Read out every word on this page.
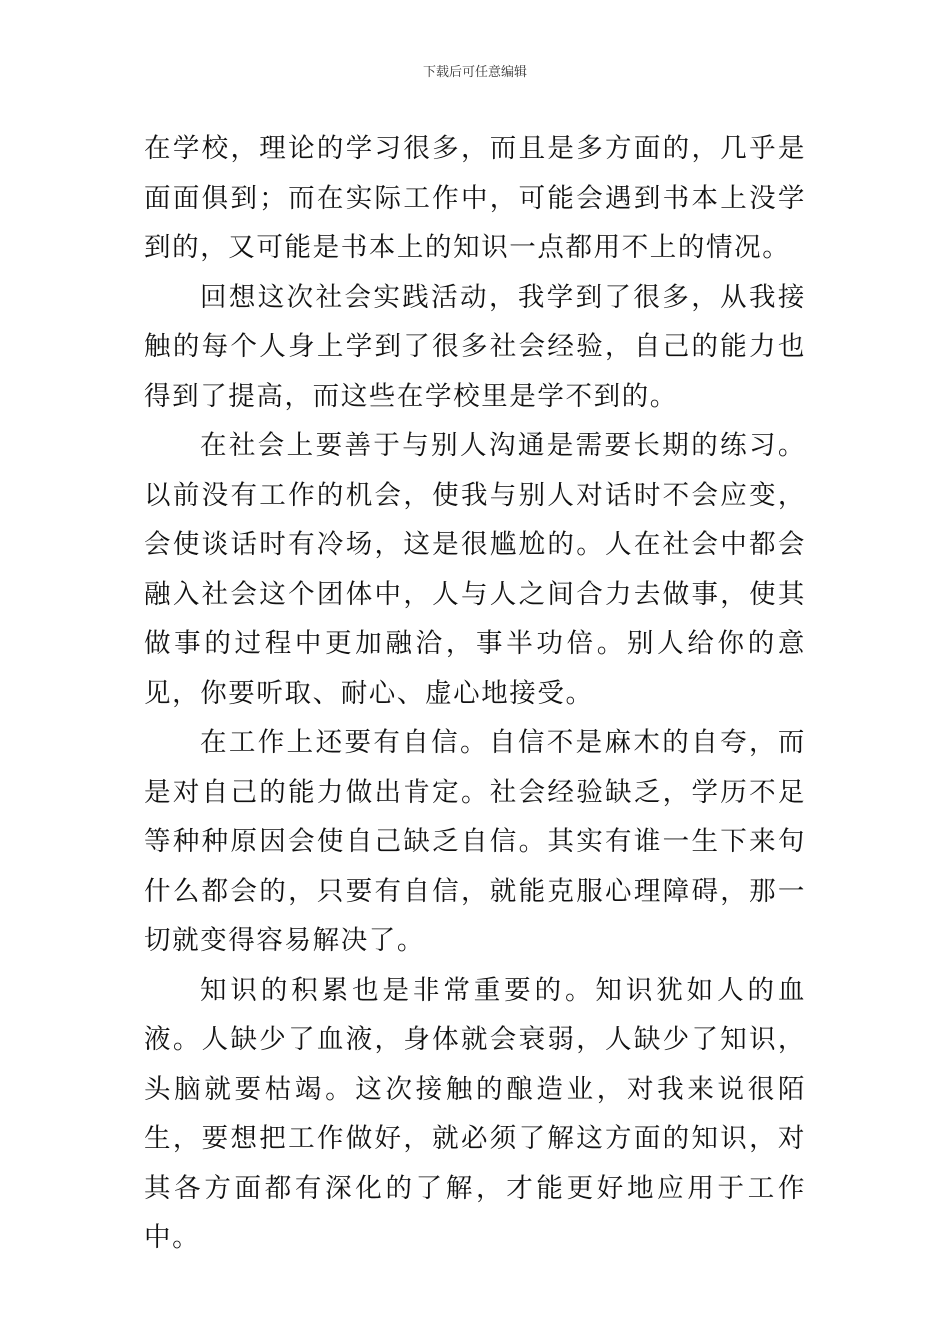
下载后可任意编辑

在学校，理论的学习很多，而且是多方面的，几乎是面面俱到；而在实际工作中，可能会遇到书本上没学到的，又可能是书本上的知识一点都用不上的情况。

回想这次社会实践活动，我学到了很多，从我接触的每个人身上学到了很多社会经验，自己的能力也得到了提高，而这些在学校里是学不到的。

在社会上要善于与别人沟通是需要长期的练习。以前没有工作的机会，使我与别人对话时不会应变，会使谈话时有冷场，这是很尴尬的。人在社会中都会融入社会这个团体中，人与人之间合力去做事，使其做事的过程中更加融洽，事半功倍。别人给你的意见，你要听取、耐心、虚心地接受。

在工作上还要有自信。自信不是麻木的自夸，而是对自己的能力做出肯定。社会经验缺乏，学历不足等种种原因会使自己缺乏自信。其实有谁一生下来句什么都会的，只要有自信，就能克服心理障碍，那一切就变得容易解决了。

知识的积累也是非常重要的。知识犹如人的血液。人缺少了血液，身体就会衰弱，人缺少了知识，头脑就要枯竭。这次接触的酿造业，对我来说很陌生，要想把工作做好，就必须了解这方面的知识，对其各方面都有深化的了解，才能更好地应用于工作中。
